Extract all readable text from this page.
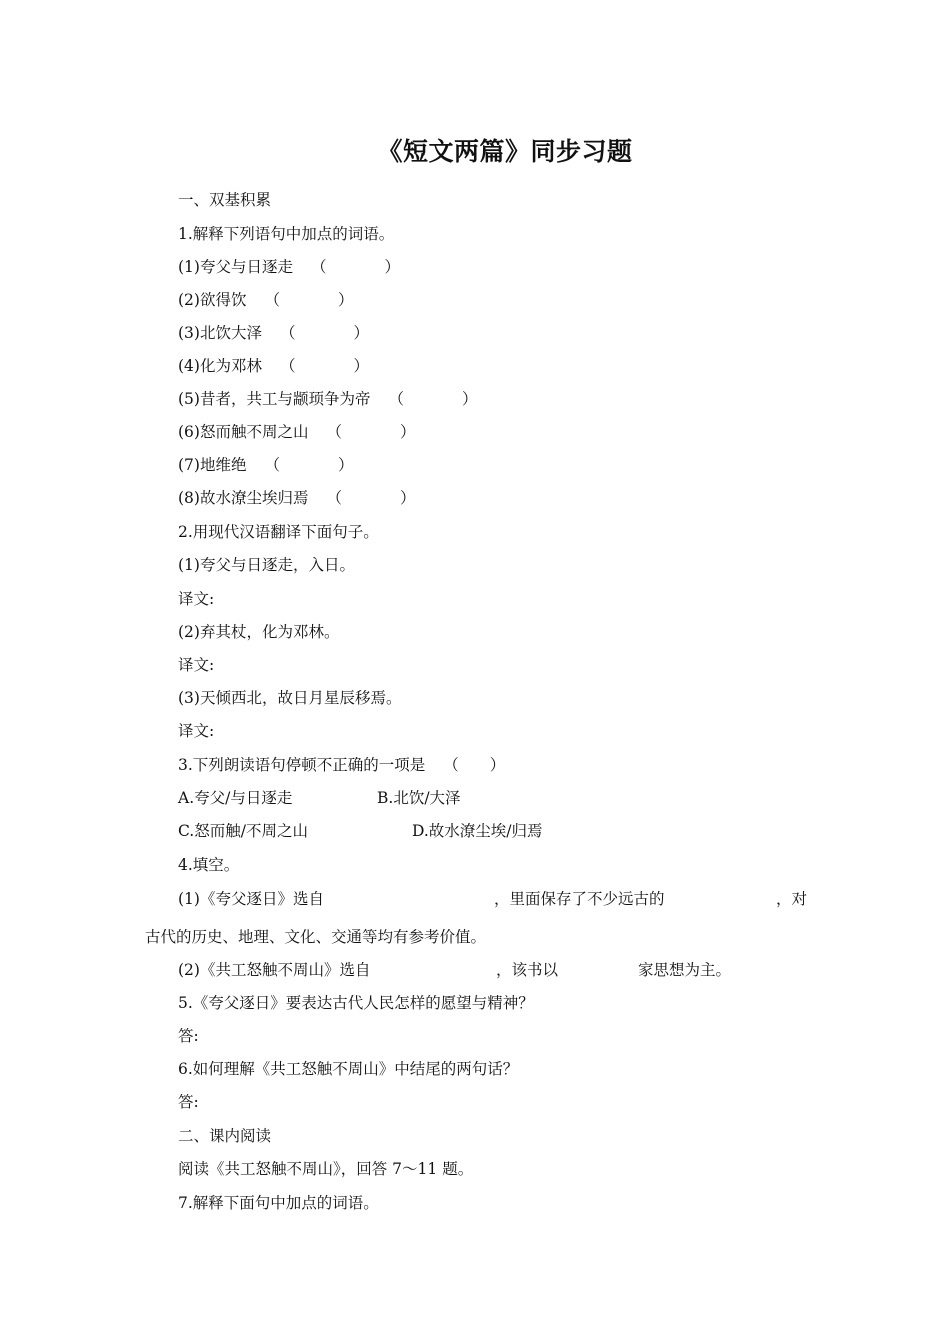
《短文两篇》同步习题
一、双基积累
1.解释下列语句中加点的词语。
(1)夸父与日逐走 （	）
(2)欲得饮 （	）
(3)北饮大泽 （	）
(4)化为邓林 （	）
(5)昔者，共工与颛顼争为帝 （	）
(6)怒而触不周之山 （	）
(7)地维绝 （	）
(8)故水潦尘埃归焉 （	）
2.用现代汉语翻译下面句子。
(1)夸父与日逐走，入日。
译文:
(2)弃其杖，化为邓林。
译文:
(3)天倾西北，故日月星辰移焉。
译文:
3.下列朗读语句停顿不正确的一项是 （　　）
A.夸父/与日逐走	B.北饮/大泽
C.怒而触/不周之山	D.故水潦尘埃/归焉
4.填空。
(1)《夸父逐日》选自	，里面保存了不少远古的	，对
古代的历史、地理、文化、交通等均有参考价值。
(2)《共工怒触不周山》选自	，该书以	家思想为主。
5.《夸父逐日》要表达古代人民怎样的愿望与精神？
答:
6.如何理解《共工怒触不周山》中结尾的两句话？
答:
二、课内阅读
阅读《共工怒触不周山》，回答 7～11 题。
7.解释下面句中加点的词语。
